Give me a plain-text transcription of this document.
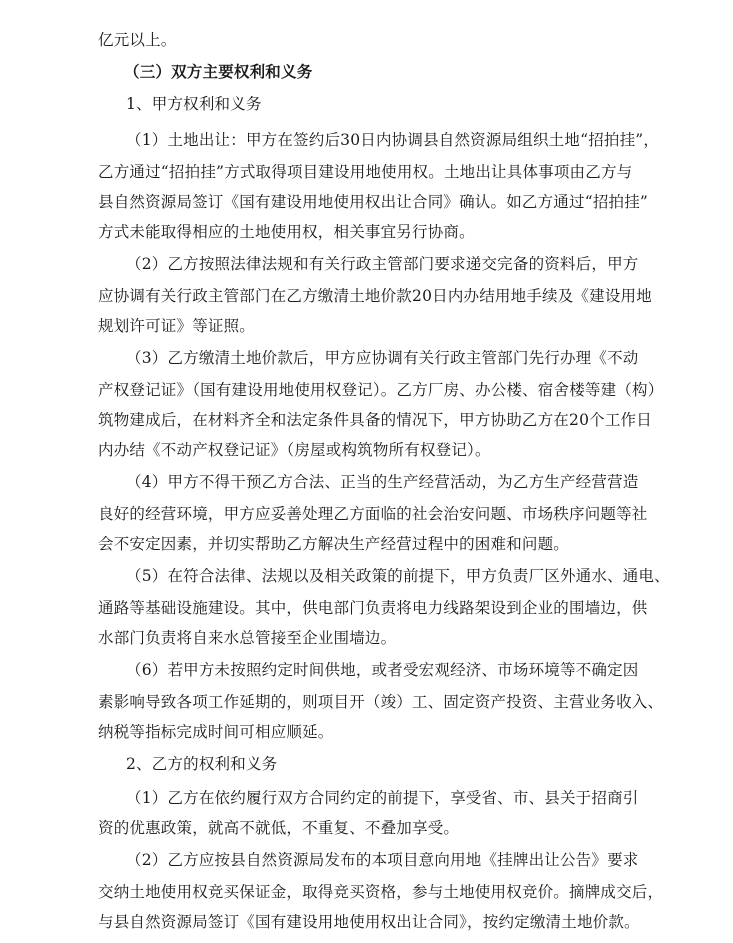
亿元以上。
（三）双方主要权利和义务
1、甲方权利和义务
（1）土地出让：甲方在签约后30日内协调县自然资源局组织土地“招拍挂”，
乙方通过“招拍挂”方式取得项目建设用地使用权。土地出让具体事项由乙方与
县自然资源局签订《国有建设用地使用权出让合同》确认。如乙方通过“招拍挂”
方式未能取得相应的土地使用权，相关事宜另行协商。
（2）乙方按照法律法规和有关行政主管部门要求递交完备的资料后，甲方
应协调有关行政主管部门在乙方缴清土地价款20日内办结用地手续及《建设用地
规划许可证》等证照。
（3）乙方缴清土地价款后，甲方应协调有关行政主管部门先行办理《不动
产权登记证》（国有建设用地使用权登记）。乙方厂房、办公楼、宿舍楼等建（构）
筑物建成后，在材料齐全和法定条件具备的情况下，甲方协助乙方在20个工作日
内办结《不动产权登记证》（房屋或构筑物所有权登记）。
（4）甲方不得干预乙方合法、正当的生产经营活动，为乙方生产经营营造
良好的经营环境，甲方应妥善处理乙方面临的社会治安问题、市场秩序问题等社
会不安定因素，并切实帮助乙方解决生产经营过程中的困难和问题。
（5）在符合法律、法规以及相关政策的前提下，甲方负责厂区外通水、通电、
通路等基础设施建设。其中，供电部门负责将电力线路架设到企业的围墙边，供
水部门负责将自来水总管接至企业围墙边。
（6）若甲方未按照约定时间供地，或者受宏观经济、市场环境等不确定因
素影响导致各项工作延期的，则项目开（竣）工、固定资产投资、主营业务收入、
纳税等指标完成时间可相应顺延。
2、乙方的权利和义务
（1）乙方在依约履行双方合同约定的前提下，享受省、市、县关于招商引
资的优惠政策，就高不就低，不重复、不叠加享受。
（2）乙方应按县自然资源局发布的本项目意向用地《挂牌出让公告》要求
交纳土地使用权竞买保证金，取得竞买资格，参与土地使用权竞价。摘牌成交后，
与县自然资源局签订《国有建设用地使用权出让合同》，按约定缴清土地价款。
